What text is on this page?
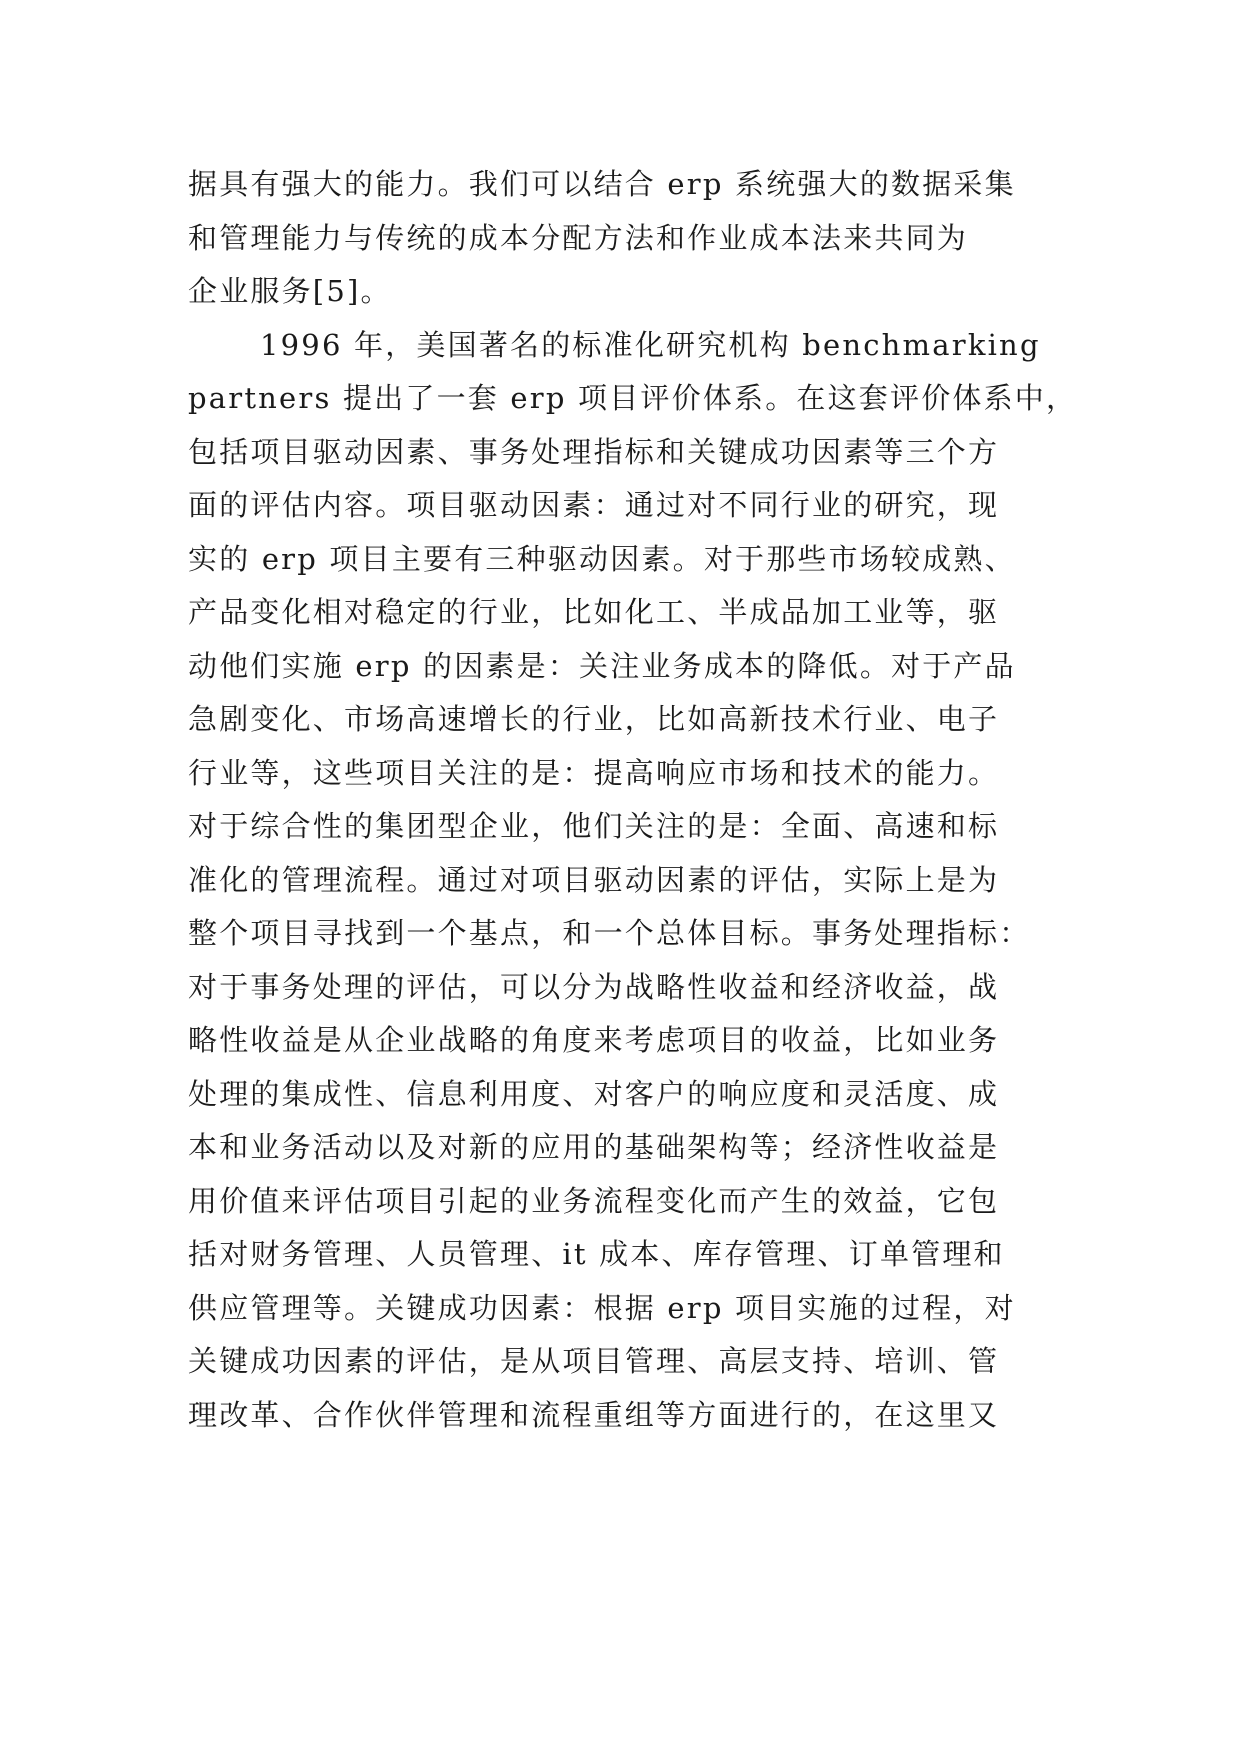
据具有强大的能力。我们可以结合 erp 系统强大的数据采集
和管理能力与传统的成本分配方法和作业成本法来共同为
企业服务[5]。
1996 年，美国著名的标准化研究机构 benchmarking
partners 提出了一套 erp 项目评价体系。在这套评价体系中，
包括项目驱动因素、事务处理指标和关键成功因素等三个方
面的评估内容。项目驱动因素：通过对不同行业的研究，现
实的 erp 项目主要有三种驱动因素。对于那些市场较成熟、
产品变化相对稳定的行业，比如化工、半成品加工业等，驱
动他们实施 erp 的因素是：关注业务成本的降低。对于产品
急剧变化、市场高速增长的行业，比如高新技术行业、电子
行业等，这些项目关注的是：提高响应市场和技术的能力。
对于综合性的集团型企业，他们关注的是：全面、高速和标
准化的管理流程。通过对项目驱动因素的评估，实际上是为
整个项目寻找到一个基点，和一个总体目标。事务处理指标：
对于事务处理的评估，可以分为战略性收益和经济收益，战
略性收益是从企业战略的角度来考虑项目的收益，比如业务
处理的集成性、信息利用度、对客户的响应度和灵活度、成
本和业务活动以及对新的应用的基础架构等；经济性收益是
用价值来评估项目引起的业务流程变化而产生的效益，它包
括对财务管理、人员管理、it 成本、库存管理、订单管理和
供应管理等。关键成功因素：根据 erp 项目实施的过程，对
关键成功因素的评估，是从项目管理、高层支持、培训、管
理改革、合作伙伴管理和流程重组等方面进行的，在这里又
